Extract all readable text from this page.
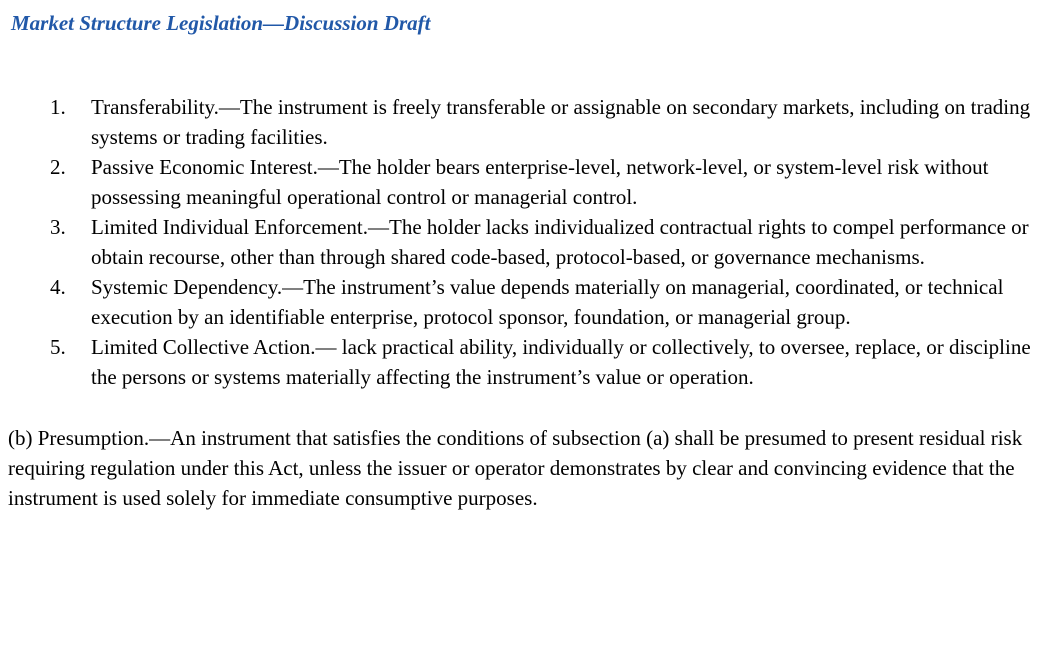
Market Structure Legislation—Discussion Draft
1.	Transferability.—The instrument is freely transferable or assignable on secondary markets, including on trading systems or trading facilities.
2.	Passive Economic Interest.—The holder bears enterprise-level, network-level, or system-level risk without possessing meaningful operational control or managerial control.
3.	Limited Individual Enforcement.—The holder lacks individualized contractual rights to compel performance or obtain recourse, other than through shared code-based, protocol-based, or governance mechanisms.
4.	Systemic Dependency.—The instrument’s value depends materially on managerial, coordinated, or technical execution by an identifiable enterprise, protocol sponsor, foundation, or managerial group.
5.	Limited Collective Action.— lack practical ability, individually or collectively, to oversee, replace, or discipline the persons or systems materially affecting the instrument’s value or operation.

(b) Presumption.—An instrument that satisfies the conditions of subsection (a) shall be presumed to present residual risk requiring regulation under this Act, unless the issuer or operator demonstrates by clear and convincing evidence that the instrument is used solely for immediate consumptive purposes.
